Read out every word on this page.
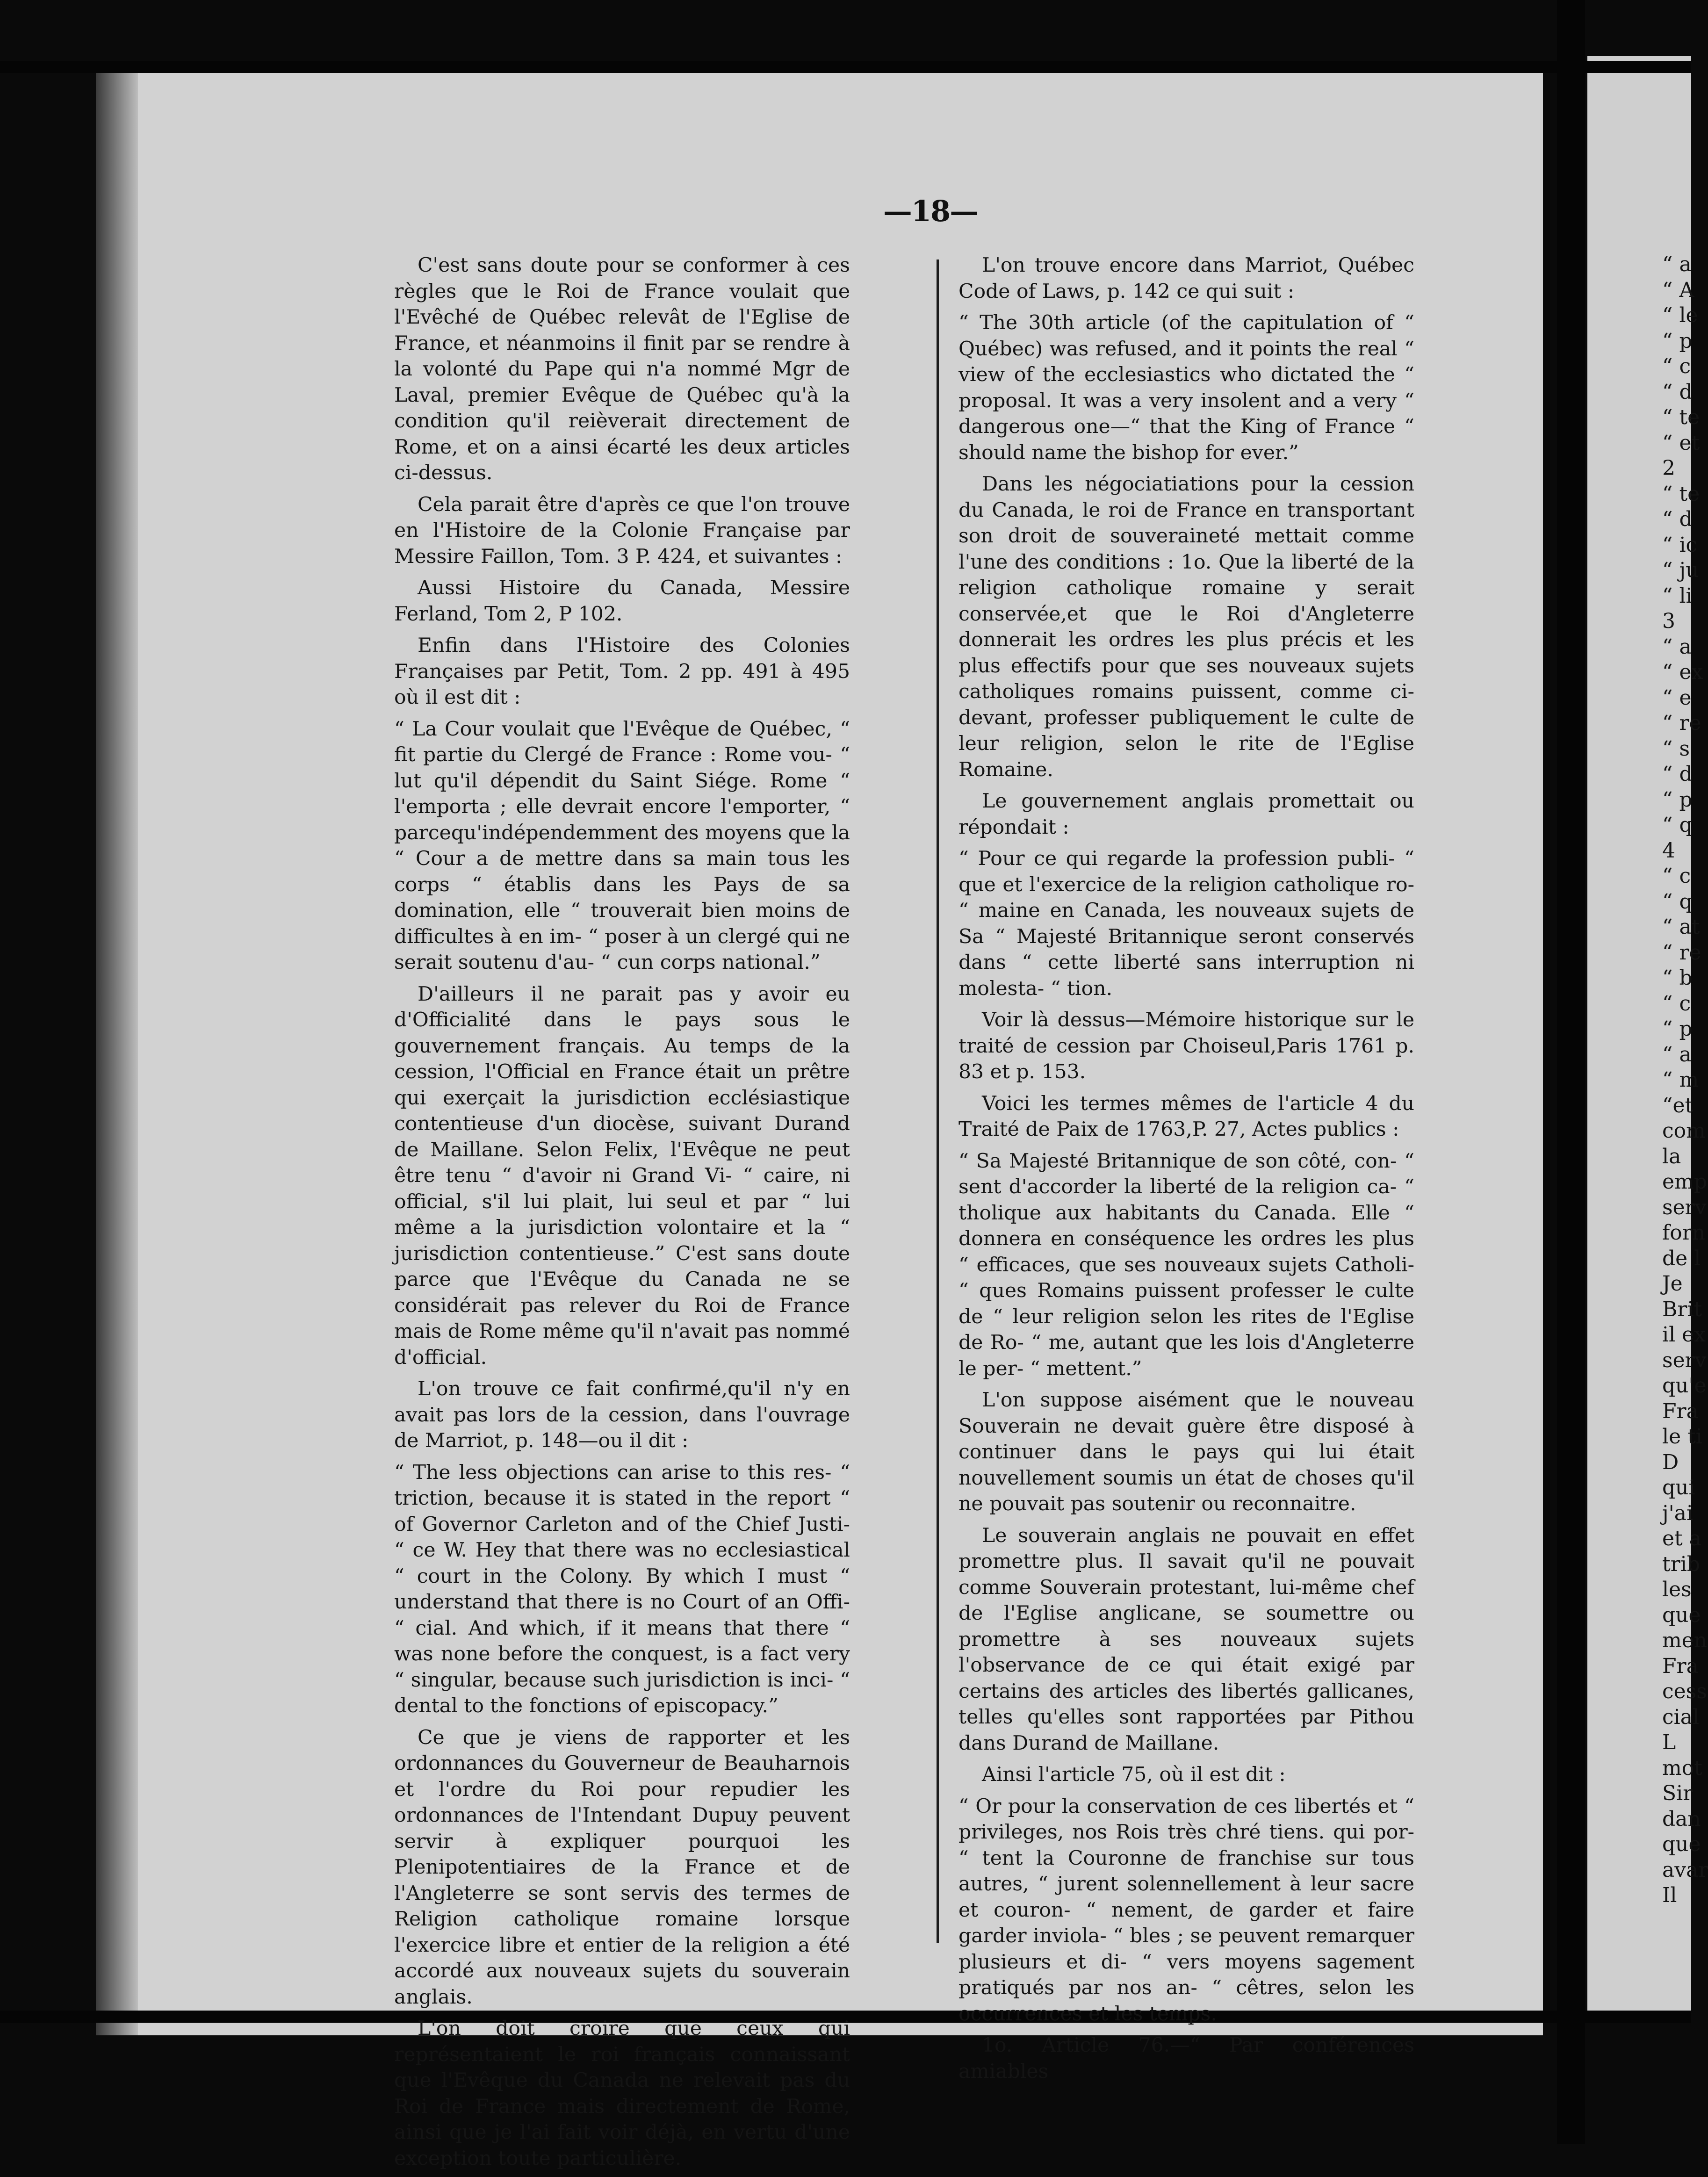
—18—

C'est sans doute pour se conformer à ces règles que le Roi de France voulait que l'Evêché de Québec relevât de l'Eglise de France, et néanmoins il finit par se rendre à la volonté du Pape qui n'a nommé Mgr de Laval, premier Evêque de Québec qu'à la condition qu'il reièverait directement de Rome, et on a ainsi écarté les deux articles ci-dessus.

Cela parait être d'après ce que l'on trouve en l'Histoire de la Colonie Française par Messire Faillon, Tom. 3 P. 424, et suivantes :

Aussi Histoire du Canada, Messire Ferland, Tom 2, P 102.

Enfin dans l'Histoire des Colonies Françaises par Petit, Tom. 2 pp. 491 à 495 où il est dit :

“ La Cour voulait que l'Evêque de Québec, “ fit partie du Clergé de France : Rome vou- “ lut qu'il dépendit du Saint Siége. Rome “ l'emporta ; elle devrait encore l'emporter, “ parcequ'indépendemment des moyens que la “ Cour a de mettre dans sa main tous les corps “ établis dans les Pays de sa domination, elle “ trouverait bien moins de difficultes à en im- “ poser à un clergé qui ne serait soutenu d'au- “ cun corps national.”

D'ailleurs il ne parait pas y avoir eu d'Officialité dans le pays sous le gouvernement français. Au temps de la cession, l'Official en France était un prêtre qui exerçait la jurisdiction ecclésiastique contentieuse d'un diocèse, suivant Durand de Maillane. Selon Felix, l'Evêque ne peut être tenu “ d'avoir ni Grand Vi- “ caire, ni official, s'il lui plait, lui seul et par “ lui même a la jurisdiction volontaire et la “ jurisdiction contentieuse.” C'est sans doute parce que l'Evêque du Canada ne se considérait pas relever du Roi de France mais de Rome même qu'il n'avait pas nommé d'official.

L'on trouve ce fait confirmé,qu'il n'y en avait pas lors de la cession, dans l'ouvrage de Marriot, p. 148—ou il dit :

“ The less objections can arise to this res- “ triction, because it is stated in the report “ of Governor Carleton and of the Chief Justi- “ ce W. Hey that there was no ecclesiastical “ court in the Colony. By which I must “ understand that there is no Court of an Offi- “ cial. And which, if it means that there “ was none before the conquest, is a fact very “ singular, because such jurisdiction is inci- “ dental to the fonctions of episcopacy.”

Ce que je viens de rapporter et les ordonnances du Gouverneur de Beauharnois et l'ordre du Roi pour repudier les ordonnances de l'Intendant Dupuy peuvent servir à expliquer pourquoi les Plenipotentiaires de la France et de l'Angleterre se sont servis des termes de Religion catholique romaine lorsque l'exercice libre et entier de la religion a été accordé aux nouveaux sujets du souverain anglais.

L'on doit croire que ceux qui représentaient le roi français connaissant que l'Evêque du Canada ne relevait pas du Roi de France mais directement de Rome, ainsi que je l'ai fait voir déjà, en vertu d'une exception toute particulière.

L'on trouve encore dans Marriot, Québec Code of Laws, p. 142 ce qui suit :

“ The 30th article (of the capitulation of “ Québec) was refused, and it points the real “ view of the ecclesiastics who dictated the “ proposal. It was a very insolent and a very “ dangerous one—“ that the King of France “ should name the bishop for ever.”

Dans les négociatiations pour la cession du Canada, le roi de France en transportant son droit de souveraineté mettait comme l'une des conditions : 1o. Que la liberté de la religion catholique romaine y serait conservée,et que le Roi d'Angleterre donnerait les ordres les plus précis et les plus effectifs pour que ses nouveaux sujets catholiques romains puissent, comme ci-devant, professer publiquement le culte de leur religion, selon le rite de l'Eglise Romaine.

Le gouvernement anglais promettait ou répondait :

“ Pour ce qui regarde la profession publi- “ que et l'exercice de la religion catholique ro- “ maine en Canada, les nouveaux sujets de Sa “ Majesté Britannique seront conservés dans “ cette liberté sans interruption ni molesta- “ tion.

Voir là dessus—Mémoire historique sur le traité de cession par Choiseul,Paris 1761 p. 83 et p. 153.

Voici les termes mêmes de l'article 4 du Traité de Paix de 1763,P. 27, Actes publics :

“ Sa Majesté Britannique de son côté, con- “ sent d'accorder la liberté de la religion ca- “ tholique aux habitants du Canada. Elle “ donnera en conséquence les ordres les plus “ efficaces, que ses nouveaux sujets Catholi- “ ques Romains puissent professer le culte de “ leur religion selon les rites de l'Eglise de Ro- “ me, autant que les lois d'Angleterre le per- “ mettent.”

L'on suppose aisément que le nouveau Souverain ne devait guère être disposé à continuer dans le pays qui lui était nouvellement soumis un état de choses qu'il ne pouvait pas soutenir ou reconnaitre.

Le souverain anglais ne pouvait en effet promettre plus. Il savait qu'il ne pouvait comme Souverain protestant, lui-même chef de l'Eglise anglicane, se soumettre ou promettre à ses nouveaux sujets l'observance de ce qui était exigé par certains des articles des libertés gallicanes, telles qu'elles sont rapportées par Pithou dans Durand de Maillane.

Ainsi l'article 75, où il est dit :

“ Or pour la conservation de ces libertés et “ privileges, nos Rois très chré tiens. qui por- “ tent la Couronne de franchise sur tous autres, “ jurent solennellement à leur sacre et couron- “ nement, de garder et faire garder inviola- “ bles ; se peuvent remarquer plusieurs et di- “ vers moyens sagement pratiqués par nos an- “ cêtres, selon les occurrences et les temps.

1o. Article 76.—“ Par conférences amiables

“ a
“ A
“ le
“ p
“ c
“ d
“ te
“ et
2
“ te
“ d
“ ic
“ ju
“ li
3
“ a
“ ex
“ e
“ re
“ s
“ d
“ p
“ q
4
“ c
“ q
“ at
“ re
“ b
“ c
“ p
“ a
“ m
“et
com
la
emp
serv
forn
de l
Je
Brit
il ex
serv
qu'e
Fra
le ti
D
qui
j'ai
et a
trib
les
que
men
Fra
cess
cial
L
mot
Sir
dan
que
avar
Il
